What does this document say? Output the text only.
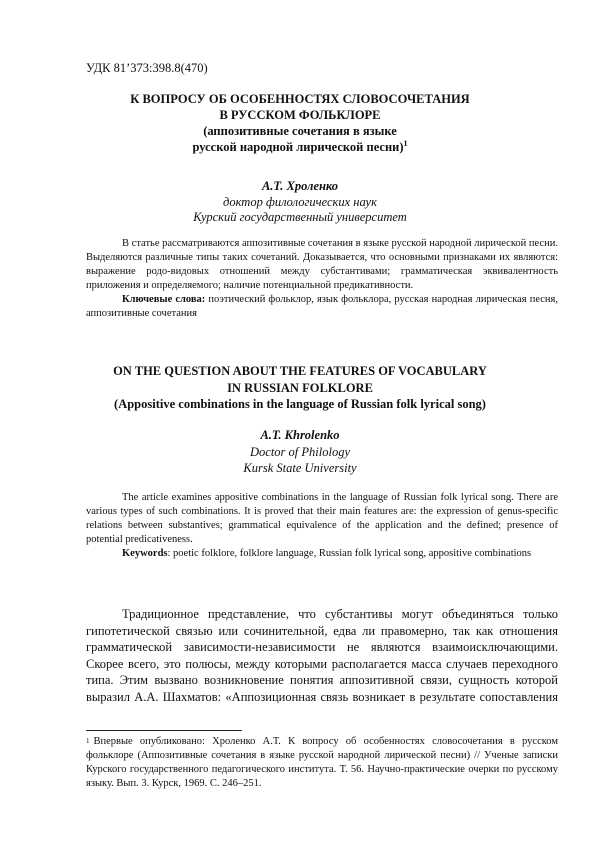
УДК 81’373:398.8(470)
К ВОПРОСУ ОБ ОСОБЕННОСТЯХ СЛОВОСОЧЕТАНИЯ
В РУССКОМ ФОЛЬКЛОРЕ
(аппозитивные сочетания в языке
русской народной лирической песни)$^1$
А.Т. Хроленко
доктор филологических наук
Курский государственный университет

В статье рассматриваются аппозитивные сочетания в языке русской народной лирической песни. Выделяются различные типы таких сочетаний. Доказывается, что основными признаками их являются: выражение родо-видовых отношений между субстантивами; грамматическая эквивалентность приложения и определяемого; наличие потенциальной предикативности.

Ключевые слова: поэтический фольклор, язык фольклора, русская народная лирическая песня, аппозитивные сочетания

ON THE QUESTION ABOUT THE FEATURES OF VOCABULARY
IN RUSSIAN FOLKLORE
(Appositive combinations in the language of Russian folk lyrical song)
A.T. Khrolenko
Doctor of Philology
Kursk State University

The article examines appositive combinations in the language of Russian folk lyrical song. There are various types of such combinations. It is proved that their main features are: the expression of genus-specific relations between substantives; grammatical equivalence of the application and the defined; presence of potential predicativeness.

Keywords: poetic folklore, folklore language, Russian folk lyrical song, appositive combinations

Традиционное представление, что субстантивы могут объединяться только гипотетической связью или сочинительной, едва ли правомерно, так как отношения грамматической зависимости-независимости не являются взаимоисключающими. Скорее всего, это полюсы, между которыми располагается масса случаев переходного типа. Этим вызвано возникновение понятия аппозитивной связи, сущность которой выразил А.А. Шахматов: «Аппозиционная связь возникает в результате сопоставления

$^1$ Впервые опубликовано: Хроленко А.Т. К вопросу об особенностях словосочетания в русском фольклоре (Аппозитивные сочетания в языке русской народной лирической песни) // Ученые записки Курского государственного педагогического института. Т. 56. Научно-практические очерки по русскому языку. Вып. 3. Курск, 1969. С. 246–251.
